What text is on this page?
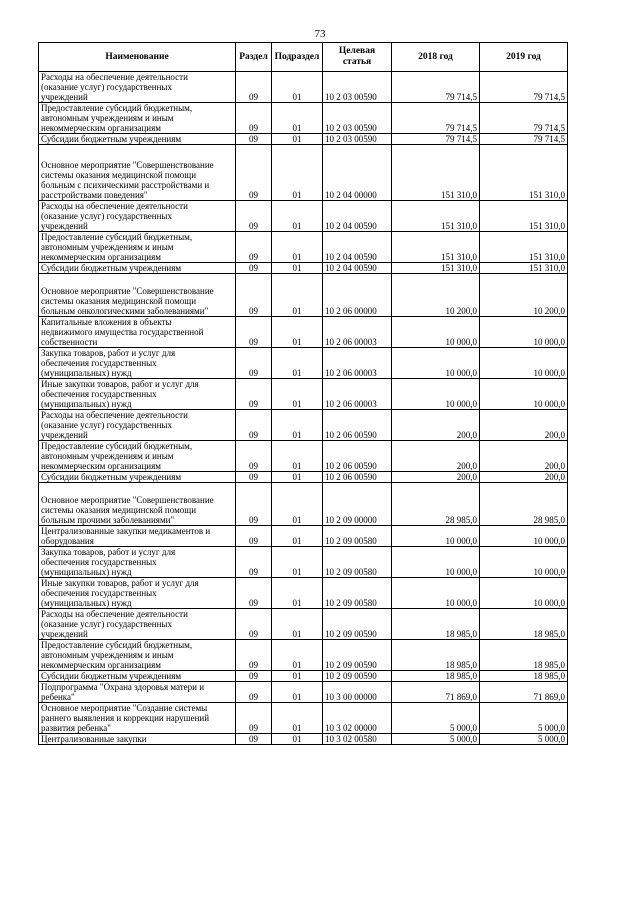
73
Наименование	Раздел	Подраздел	Целевая
статья	2018 год	2019 год
Расходы на обеспечение деятельности
(оказание услуг) государственных
учреждений	09	01	10 2 03 00590	79 714,5	79 714,5
Предоставление субсидий бюджетным,
автономным учреждениям и иным
некоммерческим организациям	09	01	10 2 03 00590	79 714,5	79 714,5
Субсидии бюджетным учреждениям	09	01	10 2 03 00590	79 714,5	79 714,5
Основное мероприятие "Совершенствование
системы оказания медицинской помощи
больным с психическими расстройствами и
расстройствами поведения"	09	01	10 2 04 00000	151 310,0	151 310,0
Расходы на обеспечение деятельности
(оказание услуг) государственных
учреждений	09	01	10 2 04 00590	151 310,0	151 310,0
Предоставление субсидий бюджетным,
автономным учреждениям и иным
некоммерческим организациям	09	01	10 2 04 00590	151 310,0	151 310,0
Субсидии бюджетным учреждениям	09	01	10 2 04 00590	151 310,0	151 310,0
Основное мероприятие "Совершенствование
системы оказания медицинской помощи
больным онкологическими заболеваниями"	09	01	10 2 06 00000	10 200,0	10 200,0
Капитальные вложения в объекты
недвижимого имущества государственной
собственности	09	01	10 2 06 00003	10 000,0	10 000,0
Закупка товаров, работ и услуг для
обеспечения государственных
(муниципальных) нужд	09	01	10 2 06 00003	10 000,0	10 000,0
Иные закупки товаров, работ и услуг для
обеспечения государственных
(муниципальных) нужд	09	01	10 2 06 00003	10 000,0	10 000,0
Расходы на обеспечение деятельности
(оказание услуг) государственных
учреждений	09	01	10 2 06 00590	200,0	200,0
Предоставление субсидий бюджетным,
автономным учреждениям и иным
некоммерческим организациям	09	01	10 2 06 00590	200,0	200,0
Субсидии бюджетным учреждениям	09	01	10 2 06 00590	200,0	200,0
Основное мероприятие "Совершенствование
системы оказания медицинской помощи
больным прочими заболеваниями"	09	01	10 2 09 00000	28 985,0	28 985,0
Централизованные закупки медикаментов и
оборудования	09	01	10 2 09 00580	10 000,0	10 000,0
Закупка товаров, работ и услуг для
обеспечения государственных
(муниципальных) нужд	09	01	10 2 09 00580	10 000,0	10 000,0
Иные закупки товаров, работ и услуг для
обеспечения государственных
(муниципальных) нужд	09	01	10 2 09 00580	10 000,0	10 000,0
Расходы на обеспечение деятельности
(оказание услуг) государственных
учреждений	09	01	10 2 09 00590	18 985,0	18 985,0
Предоставление субсидий бюджетным,
автономным учреждениям и иным
некоммерческим организациям	09	01	10 2 09 00590	18 985,0	18 985,0
Субсидии бюджетным учреждениям	09	01	10 2 09 00590	18 985,0	18 985,0
Подпрограмма "Охрана здоровья матери и
ребенка"	09	01	10 3 00 00000	71 869,0	71 869,0
Основное мероприятие "Создание системы
раннего выявления и коррекции нарушений
развития ребенка"	09	01	10 3 02 00000	5 000,0	5 000,0
Централизованные закупки	09	01	10 3 02 00580	5 000,0	5 000,0
